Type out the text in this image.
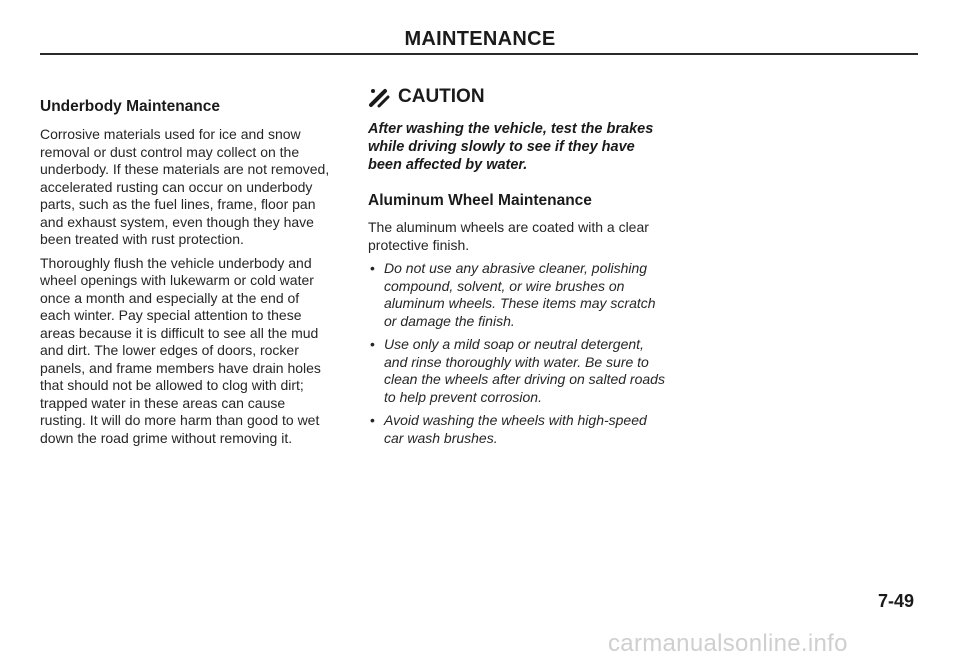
MAINTENANCE
Underbody Maintenance

Corrosive materials used for ice and snow removal or dust control may collect on the underbody. If these materials are not removed, accelerated rusting can occur on underbody parts, such as the fuel lines, frame, floor pan and exhaust system, even though they have been treated with rust protection.

Thoroughly flush the vehicle underbody and wheel openings with lukewarm or cold water once a month and especially at the end of each winter. Pay special attention to these areas because it is difficult to see all the mud and dirt. The lower edges of doors, rocker panels, and frame members have drain holes that should not be allowed to clog with dirt; trapped water in these areas can cause rusting. It will do more harm than good to wet down the road grime without removing it.

CAUTION

After washing the vehicle, test the brakes while driving slowly to see if they have been affected by water.

Aluminum Wheel Maintenance

The aluminum wheels are coated with a clear protective finish.

• Do not use any abrasive cleaner, polishing compound, solvent, or wire brushes on aluminum wheels. These items may scratch or damage the finish.
• Use only a mild soap or neutral detergent, and rinse thoroughly with water. Be sure to clean the wheels after driving on salted roads to help prevent corrosion.
• Avoid washing the wheels with high-speed car wash brushes.
7-49
carmanualsonline.info
